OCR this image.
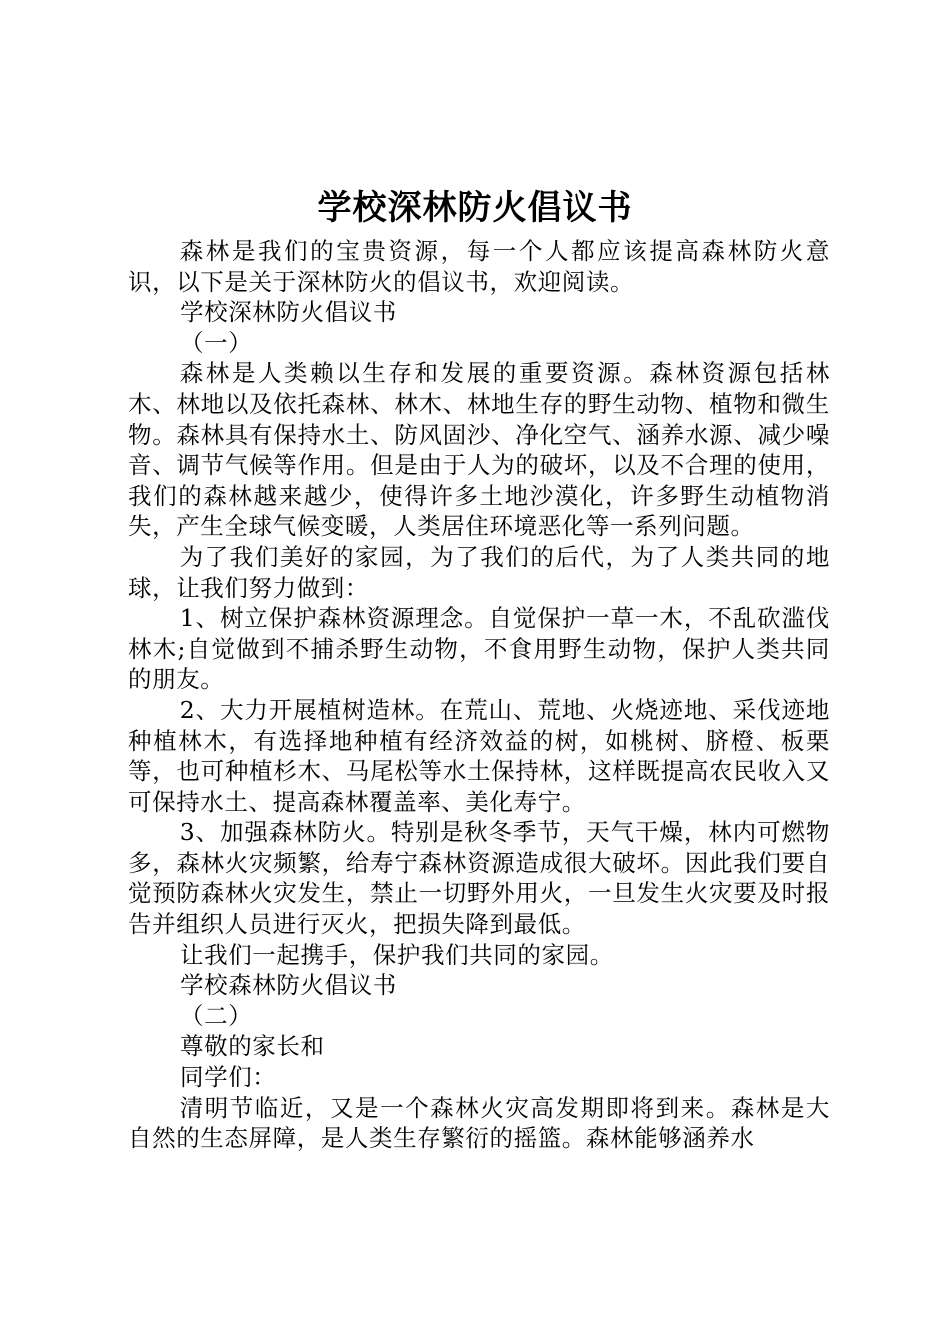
学校深林防火倡议书

森林是我们的宝贵资源，每一个人都应该提高森林防火意识，以下是关于深林防火的倡议书，欢迎阅读。

学校深林防火倡议书

（一）

森林是人类赖以生存和发展的重要资源。森林资源包括林木、林地以及依托森林、林木、林地生存的野生动物、植物和微生物。森林具有保持水土、防风固沙、净化空气、涵养水源、减少噪音、调节气候等作用。但是由于人为的破坏，以及不合理的使用，我们的森林越来越少，使得许多土地沙漠化，许多野生动植物消失，产生全球气候变暖，人类居住环境恶化等一系列问题。

为了我们美好的家园，为了我们的后代，为了人类共同的地球，让我们努力做到：

1、树立保护森林资源理念。自觉保护一草一木，不乱砍滥伐林木;自觉做到不捕杀野生动物，不食用野生动物，保护人类共同的朋友。

2、大力开展植树造林。在荒山、荒地、火烧迹地、采伐迹地种植林木，有选择地种植有经济效益的树，如桃树、脐橙、板栗等，也可种植杉木、马尾松等水土保持林，这样既提高农民收入又可保持水土、提高森林覆盖率、美化寿宁。

3、加强森林防火。特别是秋冬季节，天气干燥，林内可燃物多，森林火灾频繁，给寿宁森林资源造成很大破坏。因此我们要自觉预防森林火灾发生，禁止一切野外用火，一旦发生火灾要及时报告并组织人员进行灭火，把损失降到最低。

让我们一起携手，保护我们共同的家园。

学校森林防火倡议书

（二）

尊敬的家长和

同学们：

清明节临近，又是一个森林火灾高发期即将到来。森林是大自然的生态屏障，是人类生存繁衍的摇篮。森林能够涵养水
